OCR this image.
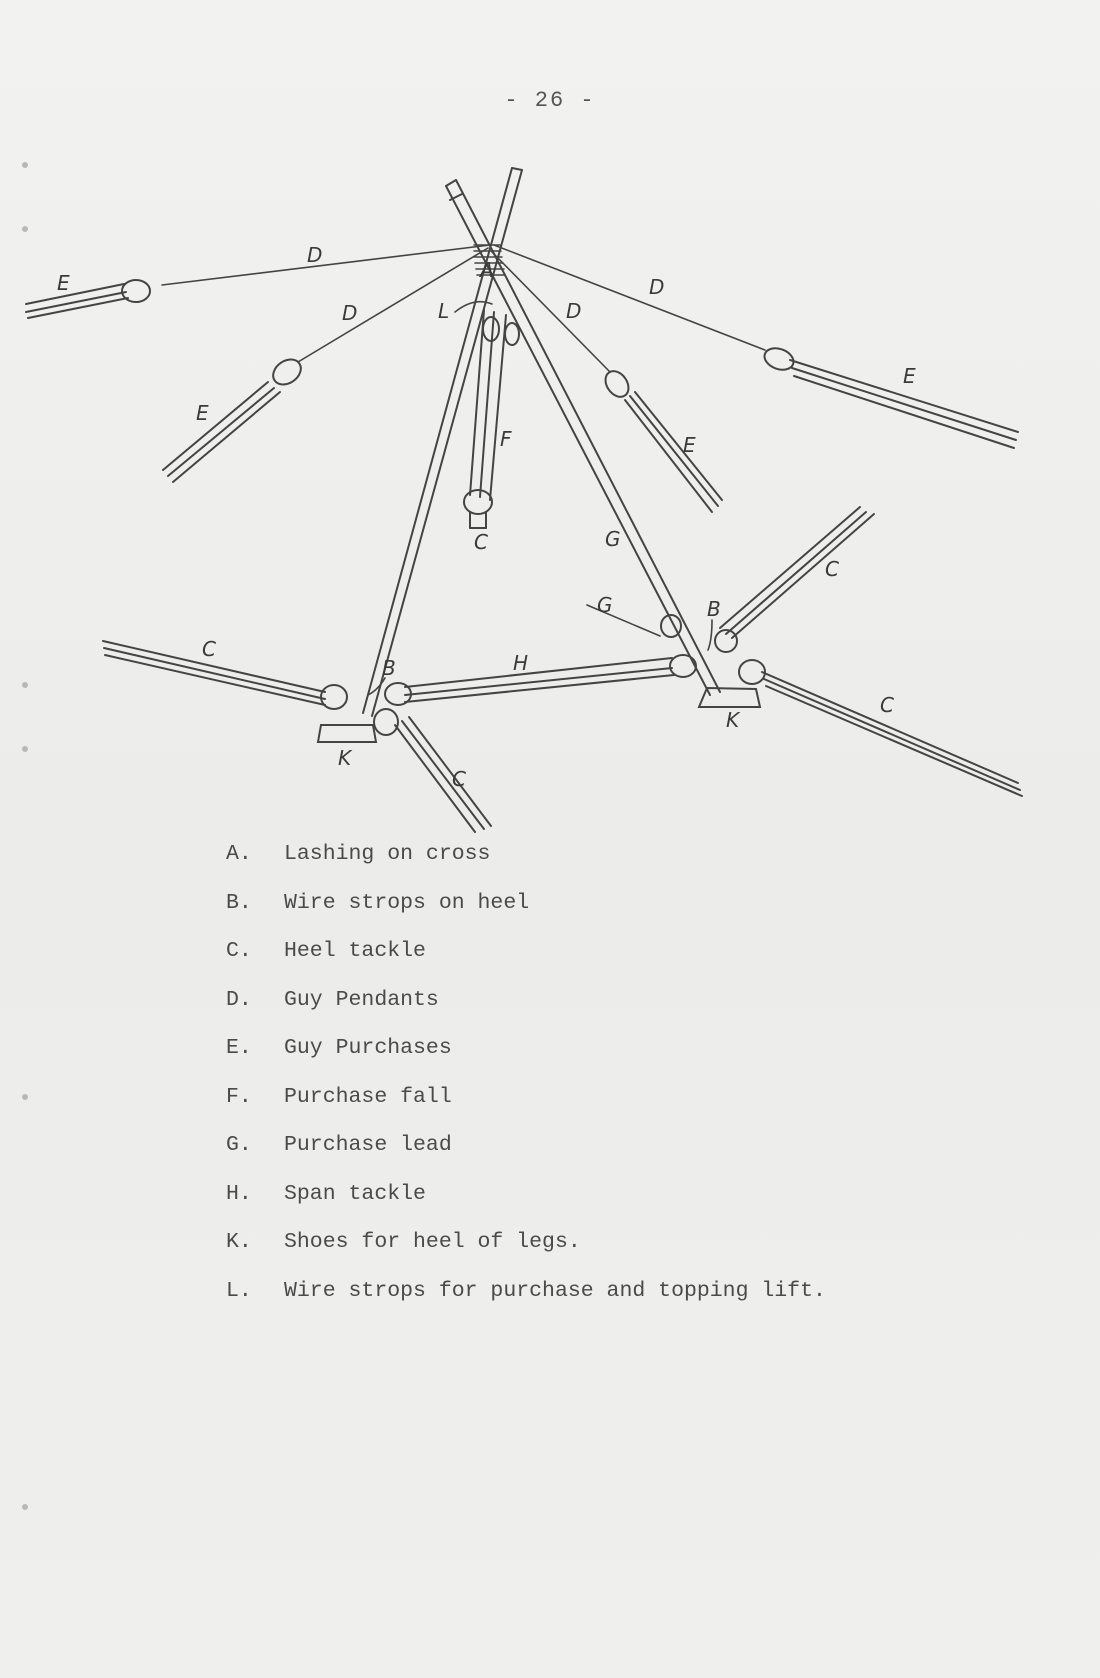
- 26 -
A
D
D	D
D
E
E
E
E
L
F
C	G
G
B
B
H
C
C
C
C
K
K
A. Lashing on cross
B. Wire strops on heel
C. Heel tackle
D. Guy Pendants
E. Guy Purchases
F. Purchase fall
G. Purchase lead
H. Span tackle
K. Shoes for heel of legs.
L. Wire strops for purchase and topping lift.
